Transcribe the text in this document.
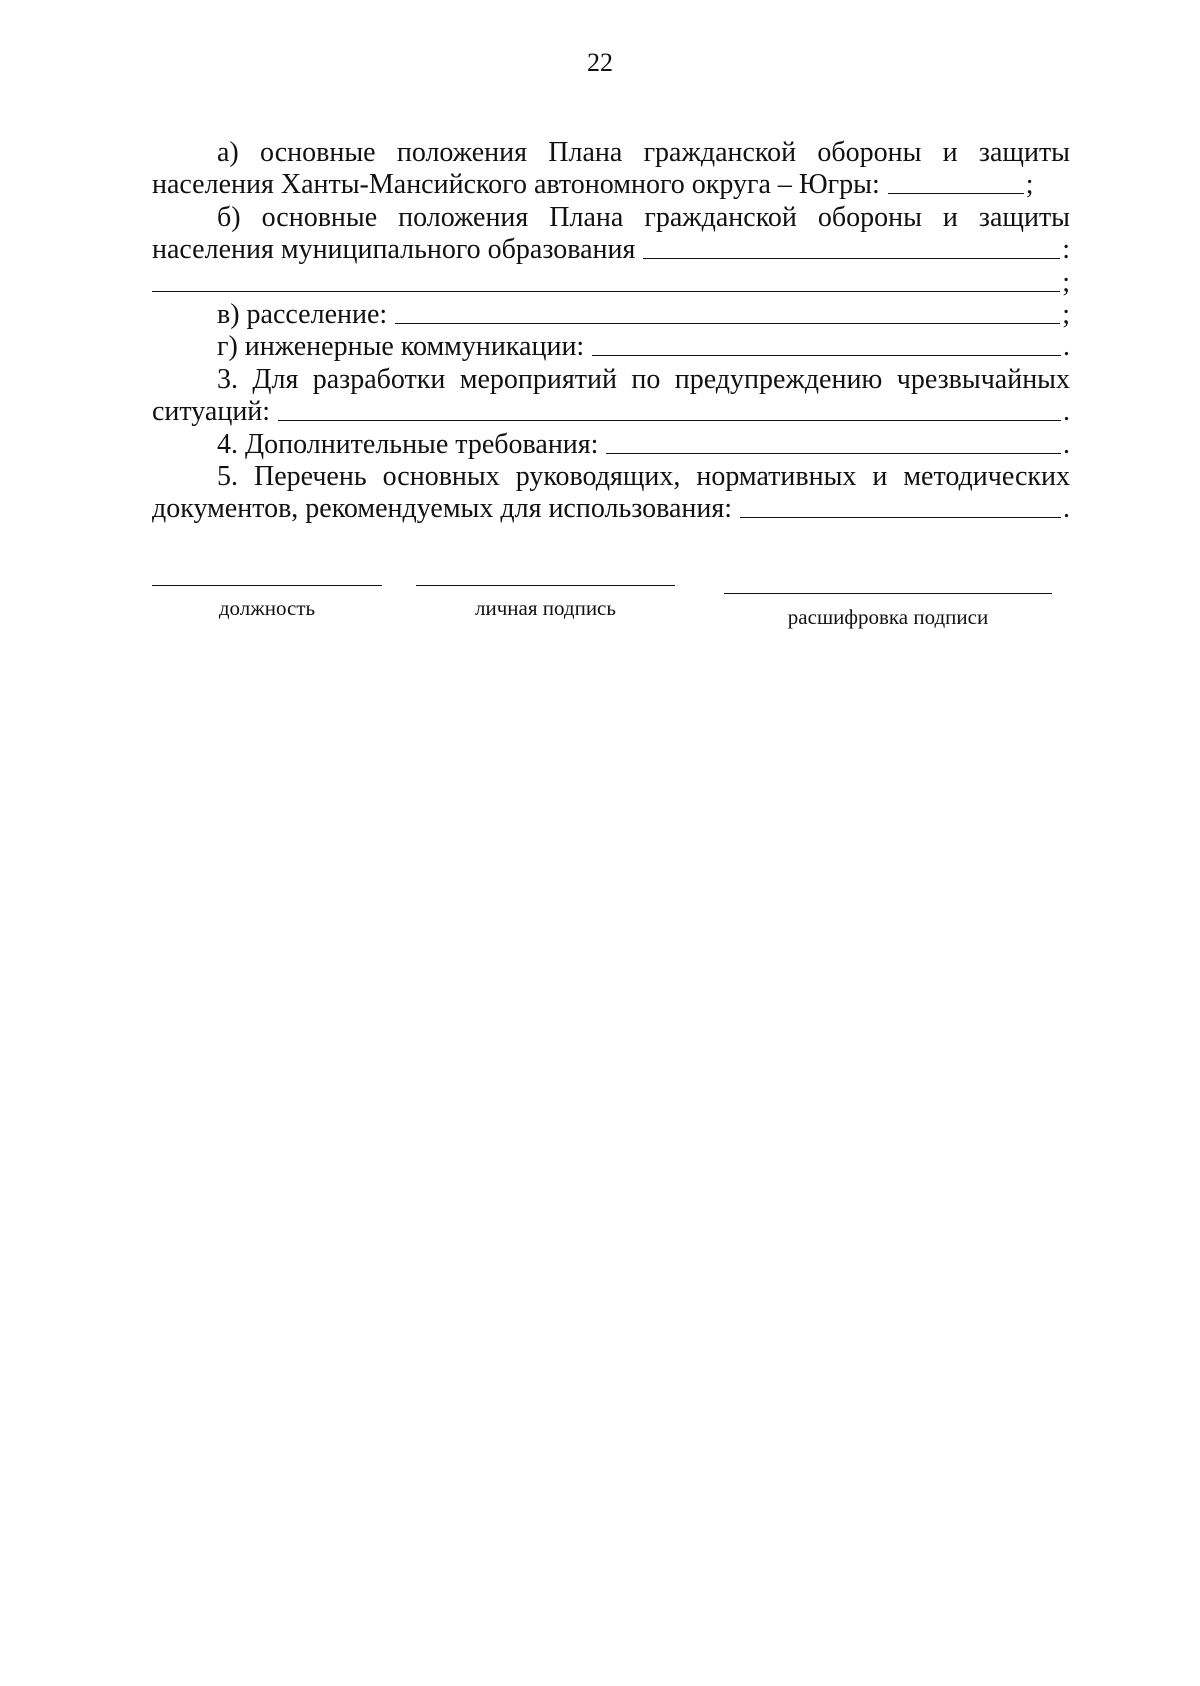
22
а) основные положения Плана гражданской обороны и защиты
населения Ханты-Мансийского автономного округа – Югры:	;
б) основные положения Плана гражданской обороны и защиты
населения муниципального образования	:
;
в) расселение:	;
г) инженерные коммуникации:	.
3. Для разработки мероприятий по предупреждению чрезвычайных
ситуаций:	.
4. Дополнительные требования:	.
5. Перечень основных руководящих, нормативных и методических
документов, рекомендуемых для использования:	.
должность	личная подпись	расшифровка подписи
